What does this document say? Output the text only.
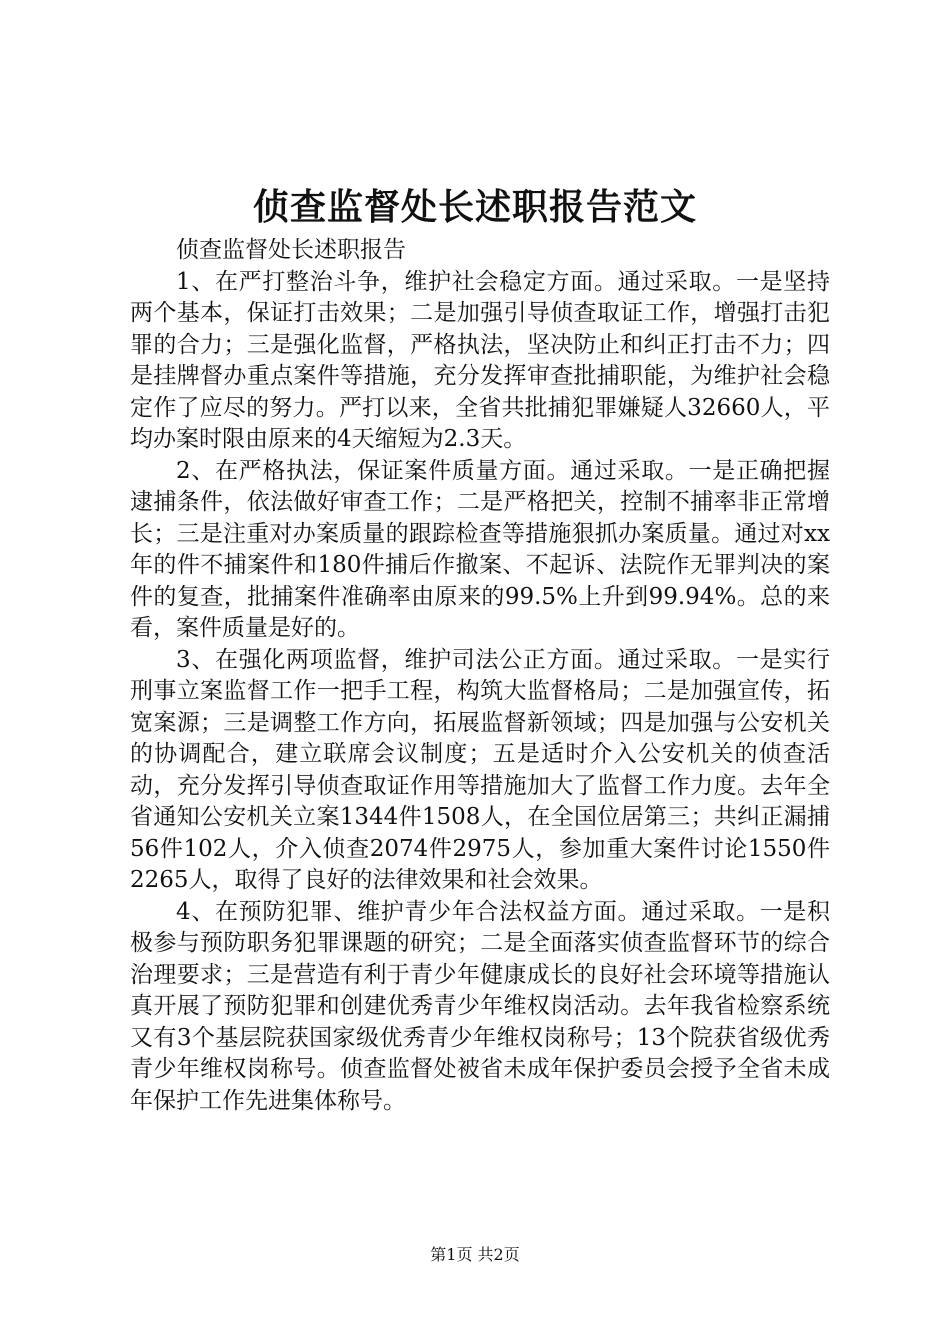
侦查监督处长述职报告范文

侦查监督处长述职报告

1、在严打整治斗争，维护社会稳定方面。通过采取。一是坚持两个基本，保证打击效果；二是加强引导侦查取证工作，增强打击犯罪的合力；三是强化监督，严格执法，坚决防止和纠正打击不力；四是挂牌督办重点案件等措施，充分发挥审查批捕职能，为维护社会稳定作了应尽的努力。严打以来，全省共批捕犯罪嫌疑人32660人，平均办案时限由原来的4天缩短为2.3天。

2、在严格执法，保证案件质量方面。通过采取。一是正确把握逮捕条件，依法做好审查工作；二是严格把关，控制不捕率非正常增长；三是注重对办案质量的跟踪检查等措施狠抓办案质量。通过对xx年的件不捕案件和180件捕后作撤案、不起诉、法院作无罪判决的案件的复查，批捕案件准确率由原来的99.5%上升到99.94%。总的来看，案件质量是好的。

3、在强化两项监督，维护司法公正方面。通过采取。一是实行刑事立案监督工作一把手工程，构筑大监督格局；二是加强宣传，拓宽案源；三是调整工作方向，拓展监督新领域；四是加强与公安机关的协调配合，建立联席会议制度；五是适时介入公安机关的侦查活动，充分发挥引导侦查取证作用等措施加大了监督工作力度。去年全省通知公安机关立案1344件1508人，在全国位居第三；共纠正漏捕56件102人，介入侦查2074件2975人，参加重大案件讨论1550件2265人，取得了良好的法律效果和社会效果。

4、在预防犯罪、维护青少年合法权益方面。通过采取。一是积极参与预防职务犯罪课题的研究；二是全面落实侦查监督环节的综合治理要求；三是营造有利于青少年健康成长的良好社会环境等措施认真开展了预防犯罪和创建优秀青少年维权岗活动。去年我省检察系统又有3个基层院获国家级优秀青少年维权岗称号；13个院获省级优秀青少年维权岗称号。侦查监督处被省未成年保护委员会授予全省未成年保护工作先进集体称号。

第1页 共2页
